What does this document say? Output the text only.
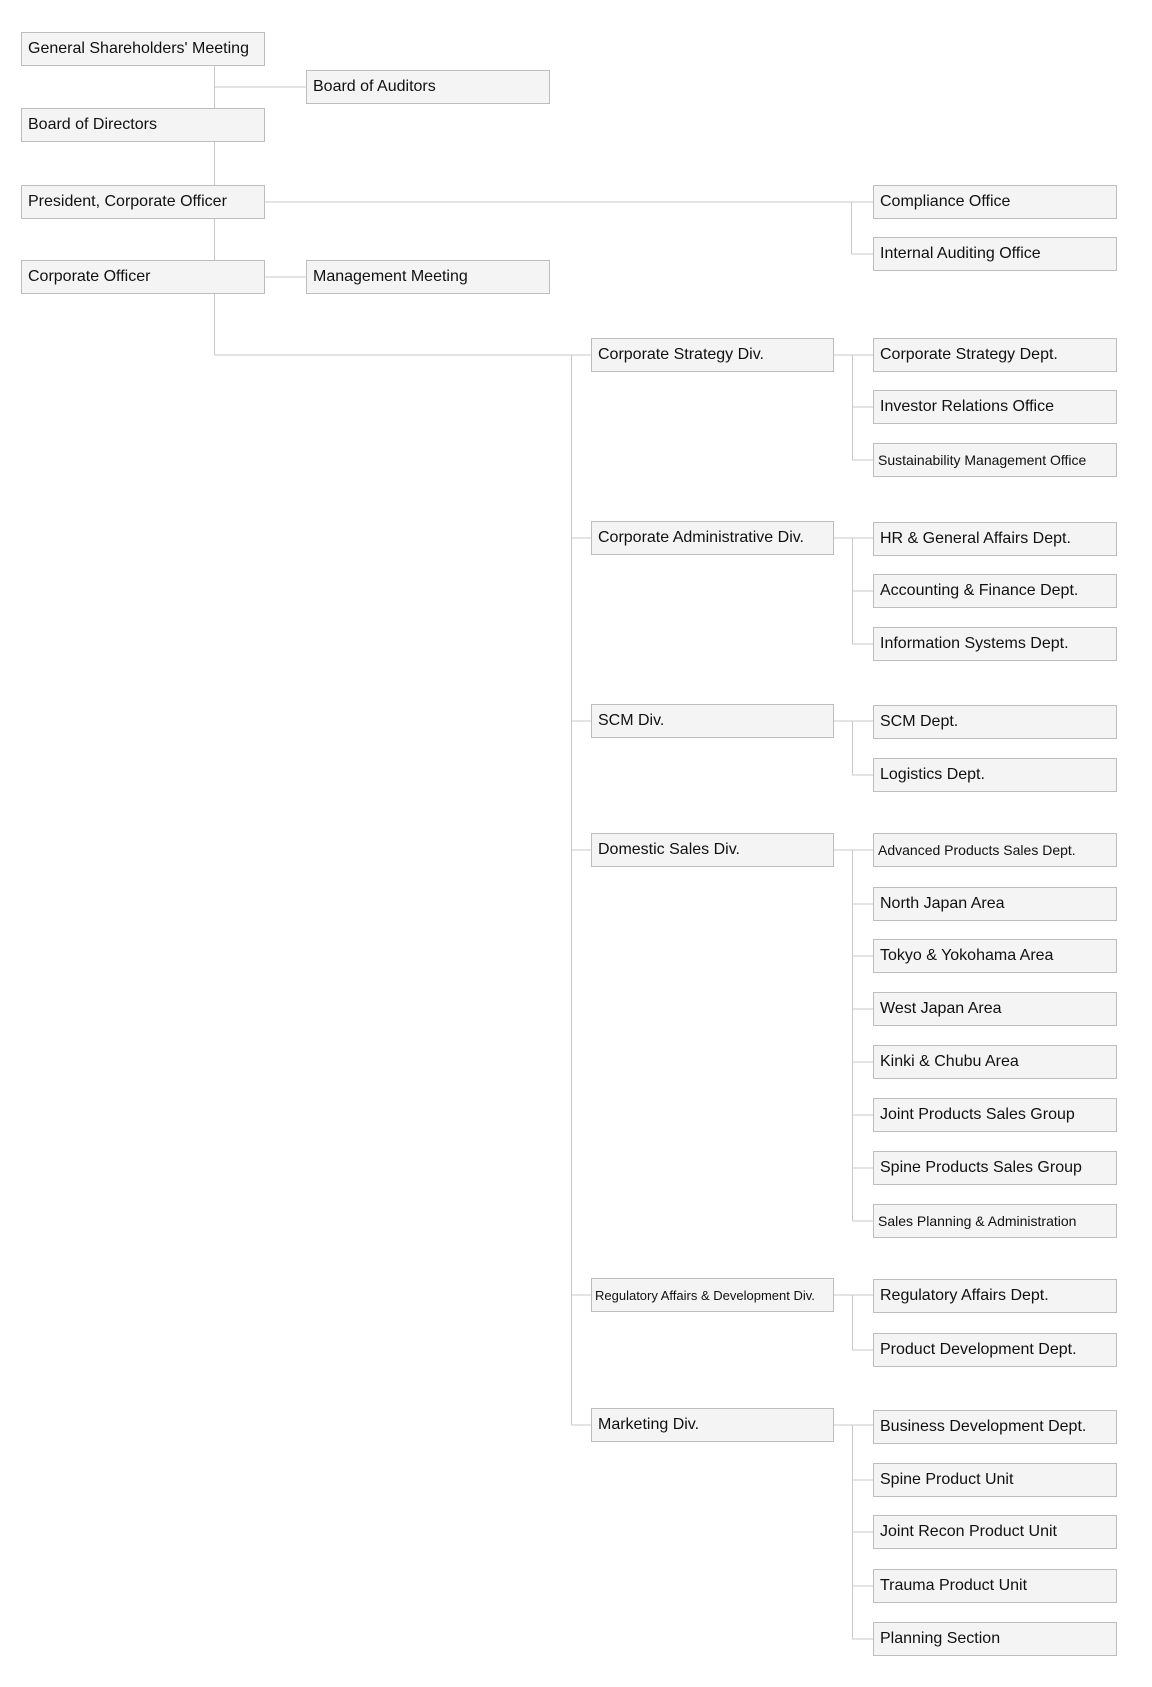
General Shareholders' Meeting
Board of Auditors
Board of Directors
President, Corporate Officer	Compliance Office
Internal Auditing Office
Corporate Officer	Management Meeting
Corporate Strategy Div.
Corporate Administrative Div.
SCM Div.
Domestic Sales Div.
Regulatory Affairs & Development Div.
Marketing Div.
Corporate Strategy Dept.
Investor Relations Office
Sustainability Management Office
HR & General Affairs Dept.
Accounting & Finance Dept.
Information Systems Dept.
SCM Dept.
Logistics Dept.
Advanced Products Sales Dept.
North Japan Area
Tokyo & Yokohama Area
West Japan Area
Kinki & Chubu Area
Joint Products Sales Group
Spine Products Sales Group
Sales Planning & Administration
Regulatory Affairs Dept.
Product Development Dept.
Business Development Dept.
Spine Product Unit
Joint Recon Product Unit
Trauma Product Unit
Planning Section
